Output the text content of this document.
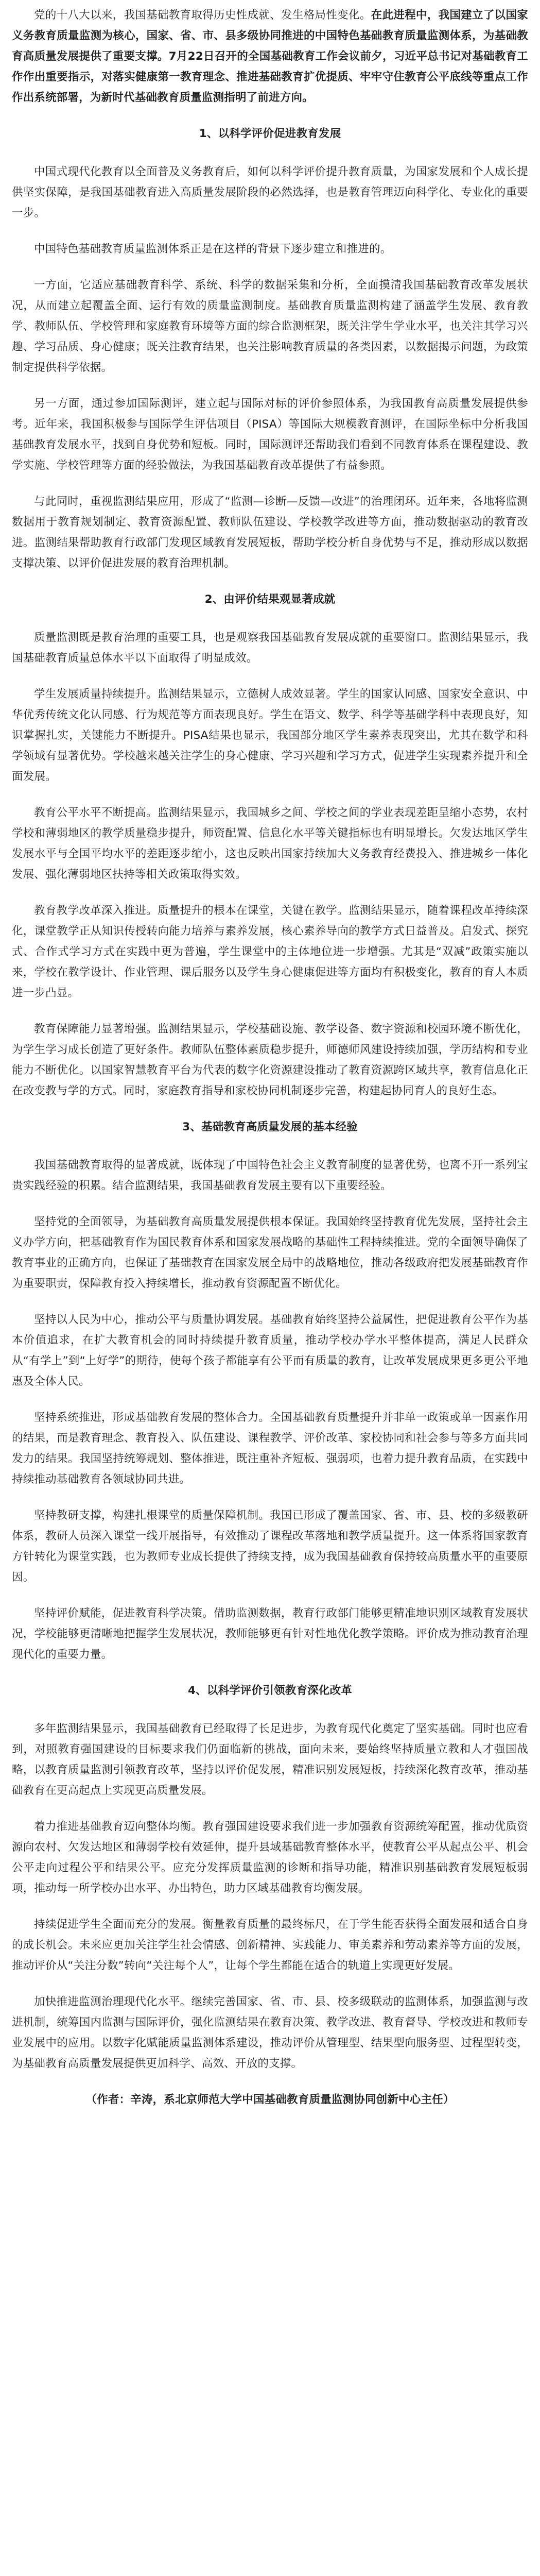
党的十八大以来，我国基础教育取得历史性成就、发生格局性变化。在此进程中，我国建立了以国家义务教育质量监测为核心，国家、省、市、县多级协同推进的中国特色基础教育质量监测体系，为基础教育高质量发展提供了重要支撑。7月22日召开的全国基础教育工作会议前夕，习近平总书记对基础教育工作作出重要指示，对落实健康第一教育理念、推进基础教育扩优提质、牢牢守住教育公平底线等重点工作作出系统部署，为新时代基础教育质量监测指明了前进方向。

1、以科学评价促进教育发展

中国式现代化教育以全面普及义务教育后，如何以科学评价提升教育质量，为国家发展和个人成长提供坚实保障，是我国基础教育进入高质量发展阶段的必然选择，也是教育管理迈向科学化、专业化的重要一步。

中国特色基础教育质量监测体系正是在这样的背景下逐步建立和推进的。

一方面，它适应基础教育科学、系统、科学的数据采集和分析，全面摸清我国基础教育改革发展状况，从而建立起覆盖全面、运行有效的质量监测制度。基础教育质量监测构建了涵盖学生发展、教育教学、教师队伍、学校管理和家庭教育环境等方面的综合监测框架，既关注学生学业水平，也关注其学习兴趣、学习品质、身心健康；既关注教育结果，也关注影响教育质量的各类因素，以数据揭示问题，为政策制定提供科学依据。

另一方面，通过参加国际测评，建立起与国际对标的评价参照体系，为我国教育高质量发展提供参考。近年来，我国积极参与国际学生评估项目（PISA）等国际大规模教育测评，在国际坐标中分析我国基础教育发展水平，找到自身优势和短板。同时，国际测评还帮助我们看到不同教育体系在课程建设、教学实施、学校管理等方面的经验做法，为我国基础教育改革提供了有益参照。

与此同时，重视监测结果应用，形成了“监测—诊断—反馈—改进”的治理闭环。近年来，各地将监测数据用于教育规划制定、教育资源配置、教师队伍建设、学校教学改进等方面，推动数据驱动的教育改进。监测结果帮助教育行政部门发现区域教育发展短板，帮助学校分析自身优势与不足，推动形成以数据支撑决策、以评价促进发展的教育治理机制。

2、由评价结果观显著成就

质量监测既是教育治理的重要工具，也是观察我国基础教育发展成就的重要窗口。监测结果显示，我国基础教育质量总体水平以下面取得了明显成效。

学生发展质量持续提升。监测结果显示，立德树人成效显著。学生的国家认同感、国家安全意识、中华优秀传统文化认同感、行为规范等方面表现良好。学生在语文、数学、科学等基础学科中表现良好，知识掌握扎实，关键能力不断提升。PISA结果也显示，我国部分地区学生素养表现突出，尤其在数学和科学领域有显著优势。学校越来越关注学生的身心健康、学习兴趣和学习方式，促进学生实现素养提升和全面发展。

教育公平水平不断提高。监测结果显示，我国城乡之间、学校之间的学业表现差距呈缩小态势，农村学校和薄弱地区的教学质量稳步提升，师资配置、信息化水平等关键指标也有明显增长。欠发达地区学生发展水平与全国平均水平的差距逐步缩小，这也反映出国家持续加大义务教育经费投入、推进城乡一体化发展、强化薄弱地区扶持等相关政策取得实效。

教育教学改革深入推进。质量提升的根本在课堂，关键在教学。监测结果显示，随着课程改革持续深化，课堂教学正从知识传授转向能力培养与素养发展，核心素养导向的教学方式日益普及。启发式、探究式、合作式学习方式在实践中更为普遍，学生课堂中的主体地位进一步增强。尤其是“双减”政策实施以来，学校在教学设计、作业管理、课后服务以及学生身心健康促进等方面均有积极变化，教育的育人本质进一步凸显。

教育保障能力显著增强。监测结果显示，学校基础设施、教学设备、数字资源和校园环境不断优化，为学生学习成长创造了更好条件。教师队伍整体素质稳步提升，师德师风建设持续加强，学历结构和专业能力不断优化。以国家智慧教育平台为代表的数字化资源建设推动了教育资源跨区域共享，教育信息化正在改变教与学的方式。同时，家庭教育指导和家校协同机制逐步完善，构建起协同育人的良好生态。

3、基础教育高质量发展的基本经验

我国基础教育取得的显著成就，既体现了中国特色社会主义教育制度的显著优势，也离不开一系列宝贵实践经验的积累。结合监测结果，我国基础教育发展主要有以下重要经验。

坚持党的全面领导，为基础教育高质量发展提供根本保证。我国始终坚持教育优先发展，坚持社会主义办学方向，把基础教育作为国民教育体系和国家发展战略的基础性工程持续推进。党的全面领导确保了教育事业的正确方向，也保证了基础教育在国家发展全局中的战略地位，推动各级政府把发展基础教育作为重要职责，保障教育投入持续增长，推动教育资源配置不断优化。

坚持以人民为中心，推动公平与质量协调发展。基础教育始终坚持公益属性，把促进教育公平作为基本价值追求，在扩大教育机会的同时持续提升教育质量，推动学校办学水平整体提高，满足人民群众从“有学上”到“上好学”的期待，使每个孩子都能享有公平而有质量的教育，让改革发展成果更多更公平地惠及全体人民。

坚持系统推进，形成基础教育发展的整体合力。全国基础教育质量提升并非单一政策或单一因素作用的结果，而是教育理念、教育投入、队伍建设、课程教学、评价改革、家校协同和社会参与等多方面共同发力的结果。我国坚持统筹规划、整体推进，既注重补齐短板、强弱项，也着力提升教育品质，在实践中持续推动基础教育各领域协同共进。

坚持教研支撑，构建扎根课堂的质量保障机制。我国已形成了覆盖国家、省、市、县、校的多级教研体系，教研人员深入课堂一线开展指导，有效推动了课程改革落地和教学质量提升。这一体系将国家教育方针转化为课堂实践，也为教师专业成长提供了持续支持，成为我国基础教育保持较高质量水平的重要原因。

坚持评价赋能，促进教育科学决策。借助监测数据，教育行政部门能够更精准地识别区域教育发展状况，学校能够更清晰地把握学生发展状况，教师能够更有针对性地优化教学策略。评价成为推动教育治理现代化的重要力量。

4、以科学评价引领教育深化改革

多年监测结果显示，我国基础教育已经取得了长足进步，为教育现代化奠定了坚实基础。同时也应看到，对照教育强国建设的目标要求我们仍面临新的挑战，面向未来，要始终坚持质量立教和人才强国战略，以教育质量监测引领教育改革，坚持以评价促发展，精准识别发展短板，持续深化教育改革，推动基础教育在更高起点上实现更高质量发展。

着力推进基础教育迈向整体均衡。教育强国建设要求我们进一步加强教育资源统筹配置，推动优质资源向农村、欠发达地区和薄弱学校有效延伸，提升县域基础教育整体水平，使教育公平从起点公平、机会公平走向过程公平和结果公平。应充分发挥质量监测的诊断和指导功能，精准识别基础教育发展短板弱项，推动每一所学校办出水平、办出特色，助力区域基础教育均衡发展。

持续促进学生全面而充分的发展。衡量教育质量的最终标尺，在于学生能否获得全面发展和适合自身的成长机会。未来应更加关注学生社会情感、创新精神、实践能力、审美素养和劳动素养等方面的发展，推动评价从“关注分数”转向“关注每个人”，让每个学生都能在适合的轨道上实现更好发展。

加快推进监测治理现代化水平。继续完善国家、省、市、县、校多级联动的监测体系，加强监测与改进机制，统筹国内监测与国际评价，强化监测结果在教育决策、教学改进、教育督导、学校改进和教师专业发展中的应用。以数字化赋能质量监测体系建设，推动评价从管理型、结果型向服务型、过程型转变，为基础教育高质量发展提供更加科学、高效、开放的支撑。

（作者：辛涛，系北京师范大学中国基础教育质量监测协同创新中心主任）
